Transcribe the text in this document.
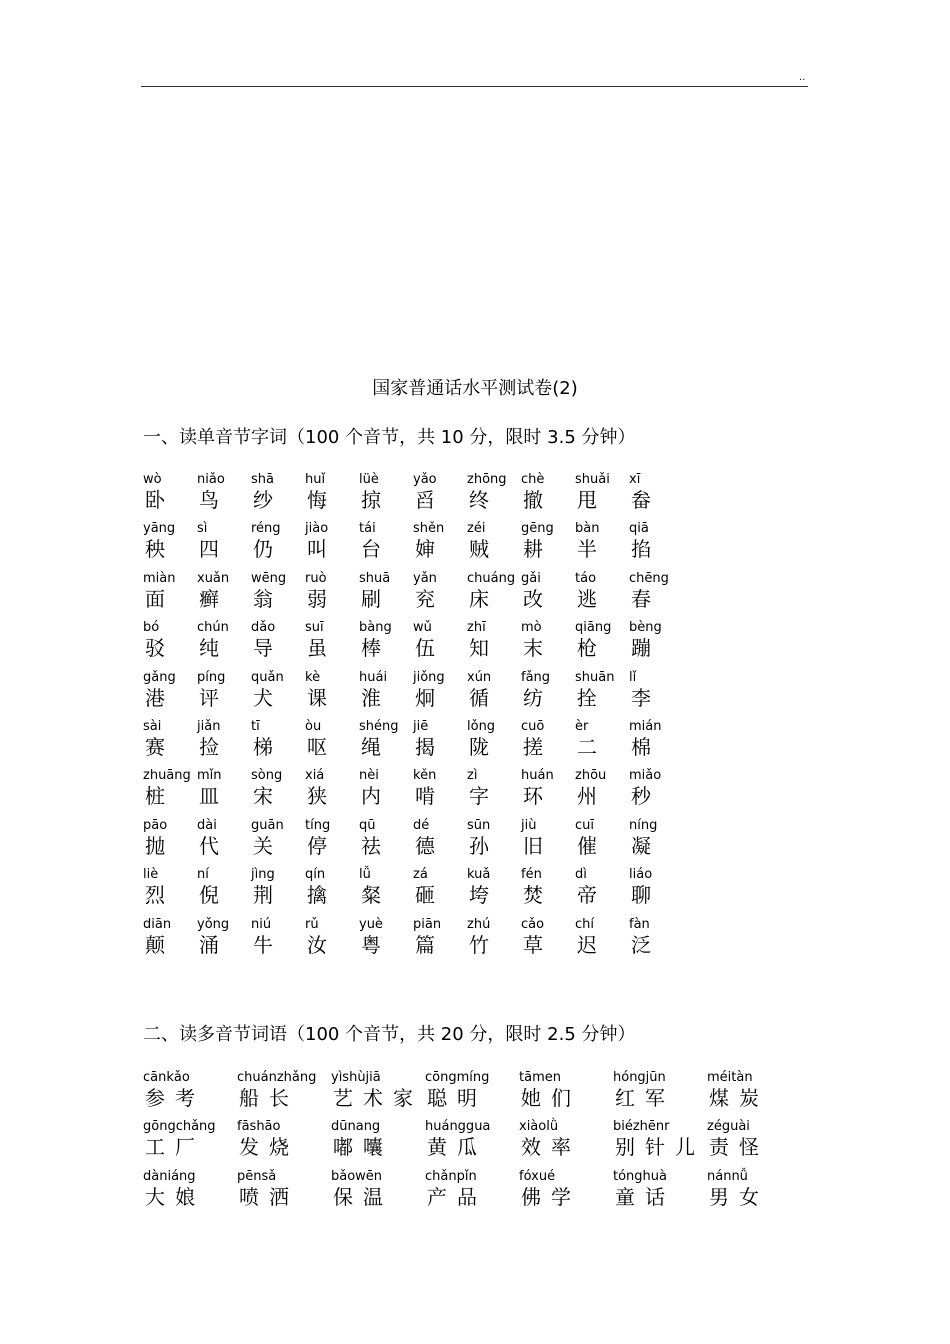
..
国家普通话水平测试卷(2)
一、读单音节字词（100 个音节，共 10 分，限时 3.5 分钟）
wò
卧
niǎo
鸟
shā
纱
huǐ
悔
lüè
掠
yǎo
舀
zhōng
终
chè
撤
shuǎi
甩
xī
畚
yāng
秧
sì
四
réng
仍
jiào
叫
tái
台
shěn
婶
zéi
贼
gēng
耕
bàn
半
qiā
掐
miàn
面
xuǎn
癣
wēng
翁
ruò
弱
shuā
刷
yǎn
兖
chuáng
床
gǎi
改
táo
逃
chēng
春
bó
驳
chún
纯
dǎo
导
suī
虽
bàng
棒
wǔ
伍
zhī
知
mò
末
qiāng
枪
bèng
蹦
gǎng
港
píng
评
quǎn
犬
kè
课
huái
淮
jiǒng
炯
xún
循
fǎng
纺
shuān
拴
lǐ
李
sài
赛
jiǎn
捡
tī
梯
òu
呕
shéng
绳
jiē
揭
lǒng
陇
cuō
搓
èr
二
mián
棉
zhuāng
桩
mǐn
皿
sòng
宋
xiá
狭
nèi
内
kěn
啃
zì
字
huán
环
zhōu
州
miǎo
秒
pāo
抛
dài
代
guān
关
tíng
停
qū
祛
dé
德
sūn
孙
jiù
旧
cuī
催
níng
凝
liè
烈
ní
倪
jìng
荆
qín
擒
lǚ
粲
zá
砸
kuǎ
垮
fén
焚
dì
帝
liáo
聊
diān
颠
yǒng
涌
niú
牛
rǔ
汝
yuè
粤
piān
篇
zhú
竹
cǎo
草
chí
迟
fàn
泛
二、读多音节词语（100 个音节，共 20 分，限时 2.5 分钟）
cānkǎo
参考
chuánzhǎng
船长
yìshùjiā
艺术家
cōngmíng
聪明
tāmen
她们
hóngjūn
红军
méitàn
煤炭
gōngchǎng
工厂
fāshāo
发烧
dūnang
嘟囔
huánggua
黄瓜
xiàolǜ
效率
biézhēnr
别针儿
zéguài
责怪
dàniáng
大娘
pēnsǎ
喷洒
bǎowēn
保温
chǎnpǐn
产品
fóxué
佛学
tónghuà
童话
nánnǚ
男女
